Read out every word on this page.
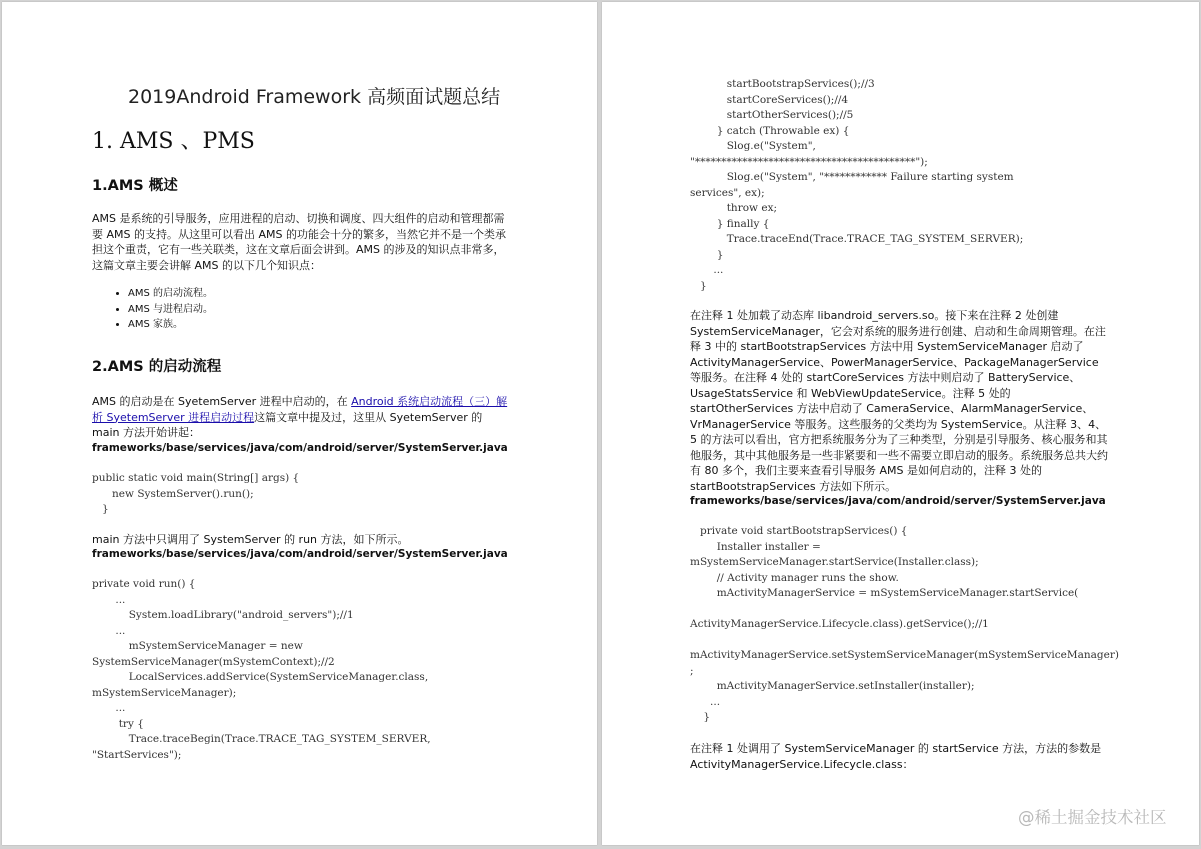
2019Android Framework 高频面试题总结
1. AMS 、PMS
1.AMS 概述
AMS 是系统的引导服务，应用进程的启动、切换和调度、四大组件的启动和管理都需要 AMS 的支持。从这里可以看出 AMS 的功能会十分的繁多，当然它并不是一个类承担这个重责，它有一些关联类，这在文章后面会讲到。AMS 的涉及的知识点非常多，这篇文章主要会讲解 AMS 的以下几个知识点：
• AMS 的启动流程。
• AMS 与进程启动。
• AMS 家族。
2.AMS 的启动流程
AMS 的启动是在 SyetemServer 进程中启动的，在 Android 系统启动流程（三）解析 SyetemServer 进程启动过程这篇文章中提及过，这里从 SyetemServer 的 main 方法开始讲起：
frameworks/base/services/java/com/android/server/SystemServer.java
public static void main(String[] args) {
new SystemServer().run();
}
main 方法中只调用了 SystemServer 的 run 方法，如下所示。
frameworks/base/services/java/com/android/server/SystemServer.java
private void run() {
...
System.loadLibrary("android_servers");//1
...
mSystemServiceManager = new
SystemServiceManager(mSystemContext);//2
LocalServices.addService(SystemServiceManager.class,
mSystemServiceManager);
...
try {
Trace.traceBegin(Trace.TRACE_TAG_SYSTEM_SERVER,
"StartServices");
startBootstrapServices();//3
startCoreServices();//4
startOtherServices();//5
} catch (Throwable ex) {
Slog.e("System",
"******************************************");
Slog.e("System", "************ Failure starting system
services", ex);
throw ex;
} finally {
Trace.traceEnd(Trace.TRACE_TAG_SYSTEM_SERVER);
}
...
}
在注释 1 处加载了动态库 libandroid_servers.so。接下来在注释 2 处创建 SystemServiceManager，它会对系统的服务进行创建、启动和生命周期管理。在注释 3 中的 startBootstrapServices 方法中用 SystemServiceManager 启动了 ActivityManagerService、PowerManagerService、PackageManagerService 等服务。在注释 4 处的 startCoreServices 方法中则启动了 BatteryService、UsageStatsService 和 WebViewUpdateService。注释 5 处的 startOtherServices 方法中启动了 CameraService、AlarmManagerService、VrManagerService 等服务。这些服务的父类均为 SystemService。从注释 3、4、5 的方法可以看出，官方把系统服务分为了三种类型，分别是引导服务、核心服务和其他服务，其中其他服务是一些非紧要和一些不需要立即启动的服务。系统服务总共大约有 80 多个，我们主要来查看引导服务 AMS 是如何启动的，注释 3 处的 startBootstrapServices 方法如下所示。
frameworks/base/services/java/com/android/server/SystemServer.java
private void startBootstrapServices() {
Installer installer =
mSystemServiceManager.startService(Installer.class);
// Activity manager runs the show.
mActivityManagerService = mSystemServiceManager.startService(

ActivityManagerService.Lifecycle.class).getService();//1

mActivityManagerService.setSystemServiceManager(mSystemServiceManager)
;
mActivityManagerService.setInstaller(installer);
...
}
在注释 1 处调用了 SystemServiceManager 的 startService 方法，方法的参数是 ActivityManagerService.Lifecycle.class：
@稀土掘金技术社区
